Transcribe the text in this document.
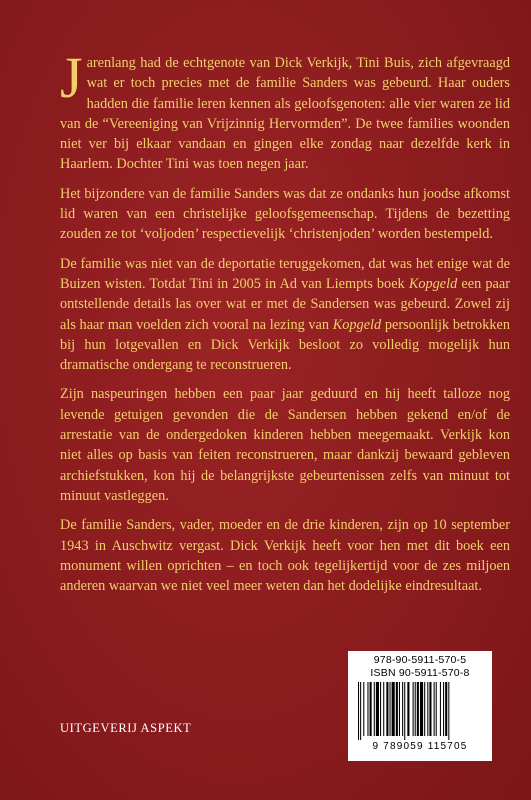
Jarenlang had de echtgenote van Dick Verkijk, Tini Buis, zich afgevraagd wat er toch precies met de familie Sanders was gebeurd. Haar ouders hadden die familie leren kennen als geloofsgenoten: alle vier waren ze lid van de “Vereeniging van Vrijzinnig Hervormden”. De twee families woonden niet ver bij elkaar vandaan en gingen elke zondag naar dezelfde kerk in Haarlem. Dochter Tini was toen negen jaar.

Het bijzondere van de familie Sanders was dat ze ondanks hun joodse afkomst lid waren van een christelijke geloofsgemeenschap. Tijdens de bezetting zouden ze tot ‘voljoden’ respectievelijk ‘christenjoden’ worden bestempeld.

De familie was niet van de deportatie teruggekomen, dat was het enige wat de Buizen wisten. Totdat Tini in 2005 in Ad van Liempts boek Kopgeld een paar ontstellende details las over wat er met de Sandersen was gebeurd. Zowel zij als haar man voelden zich vooral na lezing van Kopgeld persoonlijk betrokken bij hun lotgevallen en Dick Verkijk besloot zo volledig mogelijk hun dramatische ondergang te reconstrueren.

Zijn naspeuringen hebben een paar jaar geduurd en hij heeft talloze nog levende getuigen gevonden die de Sandersen hebben gekend en/of de arrestatie van de ondergedoken kinderen hebben meegemaakt. Verkijk kon niet alles op basis van feiten reconstrueren, maar dankzij bewaard gebleven archiefstukken, kon hij de belangrijkste gebeurtenissen zelfs van minuut tot minuut vastleggen.

De familie Sanders, vader, moeder en de drie kinderen, zijn op 10 september 1943 in Auschwitz vergast. Dick Verkijk heeft voor hen met dit boek een monument willen oprichten – en toch ook tegelijkertijd voor de zes miljoen anderen waarvan we niet veel meer weten dan het dodelijke eindresultaat.

UITGEVERIJ ASPEKT
978-90-5911-570-5
ISBN 90-5911-570-8
9 789059 115705
